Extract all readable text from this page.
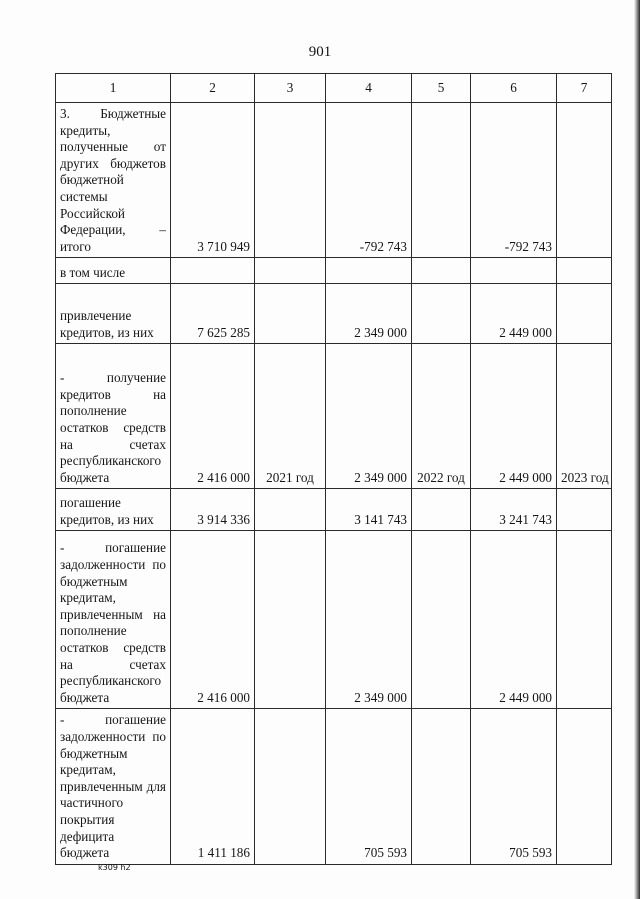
901
1	2	3	4	5	6	7
3. Бюджетные кредиты, полученные от других бюджетов бюджетной системы Российской Федерации, – итого	3 710 949		-792 743		-792 743	
в том числе						
привлечение кредитов, из них	7 625 285		2 349 000		2 449 000	
- получение кредитов на пополнение остатков средств на счетах республиканского бюджета	2 416 000	2021 год	2 349 000	2022 год	2 449 000	2023 год
погашение кредитов, из них	3 914 336		3 141 743		3 241 743	
- погашение задолженности по бюджетным кредитам, привлеченным на пополнение остатков средств на счетах республиканского бюджета	2 416 000		2 349 000		2 449 000	
- погашение задолженности по бюджетным кредитам, привлеченным для частичного покрытия дефицита бюджета	1 411 186		705 593		705 593	
k309 h2
